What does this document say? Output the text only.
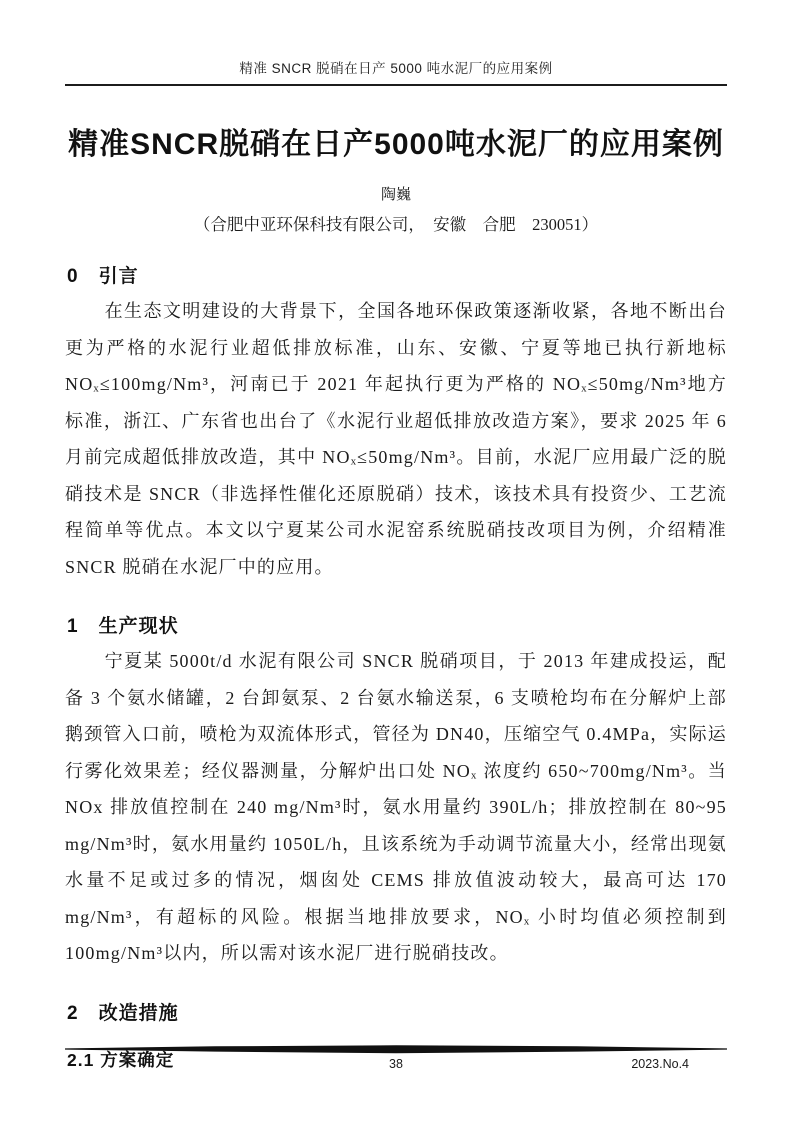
精准 SNCR 脱硝在日产 5000 吨水泥厂的应用案例
精准SNCR脱硝在日产5000吨水泥厂的应用案例
陶巍
（合肥中亚环保科技有限公司，　安徽　合肥　230051）
0　引言

在生态文明建设的大背景下，全国各地环保政策逐渐收紧，各地不断出台更为严格的水泥行业超低排放标准，山东、安徽、宁夏等地已执行新地标 NOₓ≤100mg/Nm³，河南已于 2021 年起执行更为严格的 NOₓ≤50mg/Nm³地方标准，浙江、广东省也出台了《水泥行业超低排放改造方案》，要求 2025 年 6 月前完成超低排放改造，其中 NOₓ≤50mg/Nm³。目前，水泥厂应用最广泛的脱硝技术是 SNCR（非选择性催化还原脱硝）技术，该技术具有投资少、工艺流程简单等优点。本文以宁夏某公司水泥窑系统脱硝技改项目为例，介绍精准 SNCR 脱硝在水泥厂中的应用。

1　生产现状

宁夏某 5000t/d 水泥有限公司 SNCR 脱硝项目，于 2013 年建成投运，配备 3 个氨水储罐，2 台卸氨泵、2 台氨水输送泵，6 支喷枪均布在分解炉上部鹅颈管入口前，喷枪为双流体形式，管径为 DN40，压缩空气 0.4MPa，实际运行雾化效果差；经仪器测量，分解炉出口处 NOₓ 浓度约 650~700mg/Nm³。当 NOx 排放值控制在 240 mg/Nm³时，氨水用量约 390L/h；排放控制在 80~95 mg/Nm³时，氨水用量约 1050L/h，且该系统为手动调节流量大小，经常出现氨水量不足或过多的情况，烟囱处 CEMS 排放值波动较大，最高可达 170 mg/Nm³，有超标的风险。根据当地排放要求，NOₓ 小时均值必须控制到 100mg/Nm³以内，所以需对该水泥厂进行脱硝技改。

2　改造措施
2.1 方案确定	38	2023.No.4
